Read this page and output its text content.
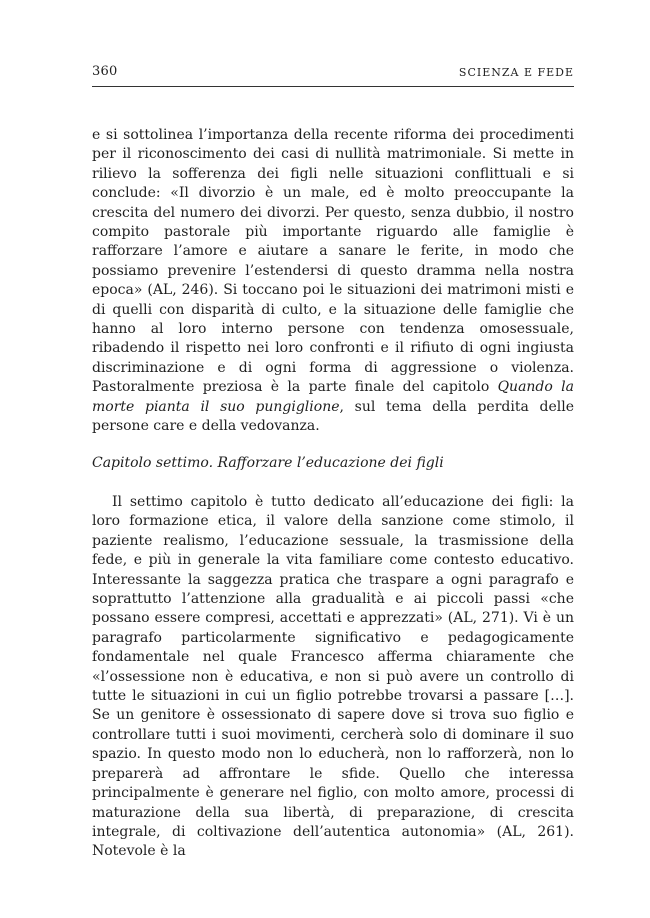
360	SCIENZA E FEDE

e si sottolinea l’importanza della recente riforma dei procedimenti per il riconoscimento dei casi di nullità matrimoniale. Si mette in rilievo la sofferenza dei figli nelle situazioni conflittuali e si conclude: «Il divorzio è un male, ed è molto preoccupante la crescita del numero dei divorzi. Per questo, senza dubbio, il nostro compito pastorale più importante riguardo alle famiglie è rafforzare l’amore e aiutare a sanare le ferite, in modo che possiamo prevenire l’estendersi di questo dramma nella nostra epoca» (AL, 246). Si toccano poi le situazioni dei matrimoni misti e di quelli con disparità di culto, e la situazione delle famiglie che hanno al loro interno persone con tendenza omosessuale, ribadendo il rispetto nei loro confronti e il rifiuto di ogni ingiusta discriminazione e di ogni forma di aggressione o violenza. Pastoralmente preziosa è la parte finale del capitolo Quando la morte pianta il suo pungiglione, sul tema della perdita delle persone care e della vedovanza.

Capitolo settimo. Rafforzare l’educazione dei figli

Il settimo capitolo è tutto dedicato all’educazione dei figli: la loro formazione etica, il valore della sanzione come stimolo, il paziente realismo, l’educazione sessuale, la trasmissione della fede, e più in generale la vita familiare come contesto educativo. Interessante la saggezza pratica che traspare a ogni paragrafo e soprattutto l’attenzione alla gradualità e ai piccoli passi «che possano essere compresi, accettati e apprezzati» (AL, 271). Vi è un paragrafo particolarmente significativo e pedagogicamente fondamentale nel quale Francesco afferma chiaramente che «l’ossessione non è educativa, e non si può avere un controllo di tutte le situazioni in cui un figlio potrebbe trovarsi a passare […]. Se un genitore è ossessionato di sapere dove si trova suo figlio e controllare tutti i suoi movimenti, cercherà solo di dominare il suo spazio. In questo modo non lo educherà, non lo rafforzerà, non lo preparerà ad affrontare le sfide. Quello che interessa principalmente è generare nel figlio, con molto amore, processi di maturazione della sua libertà, di preparazione, di crescita integrale, di coltivazione dell’autentica autonomia» (AL, 261). Notevole è la
